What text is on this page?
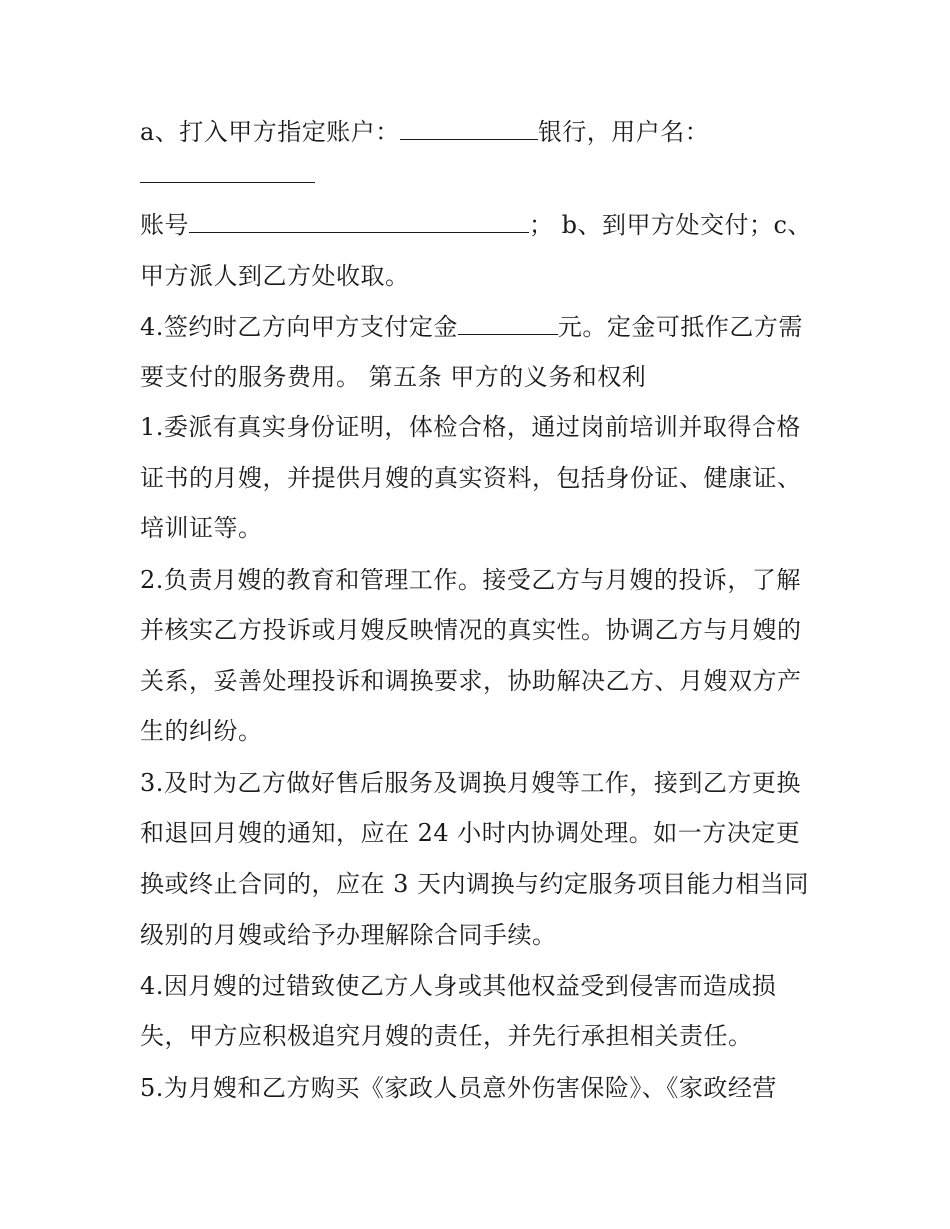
a、打入甲方指定账户：	银行，用户名：
账号	； b、到甲方处交付；c、
甲方派人到乙方处收取。
4.签约时乙方向甲方支付定金	元。定金可抵作乙方需
要支付的服务费用。 第五条 甲方的义务和权利
1.委派有真实身份证明，体检合格，通过岗前培训并取得合格
证书的月嫂，并提供月嫂的真实资料，包括身份证、健康证、
培训证等。
2.负责月嫂的教育和管理工作。接受乙方与月嫂的投诉，了解
并核实乙方投诉或月嫂反映情况的真实性。协调乙方与月嫂的
关系，妥善处理投诉和调换要求，协助解决乙方、月嫂双方产
生的纠纷。
3.及时为乙方做好售后服务及调换月嫂等工作，接到乙方更换
和退回月嫂的通知，应在 24 小时内协调处理。如一方决定更
换或终止合同的，应在 3 天内调换与约定服务项目能力相当同
级别的月嫂或给予办理解除合同手续。
4.因月嫂的过错致使乙方人身或其他权益受到侵害而造成损
失，甲方应积极追究月嫂的责任，并先行承担相关责任。
5.为月嫂和乙方购买《家政人员意外伤害保险》、《家政经营
